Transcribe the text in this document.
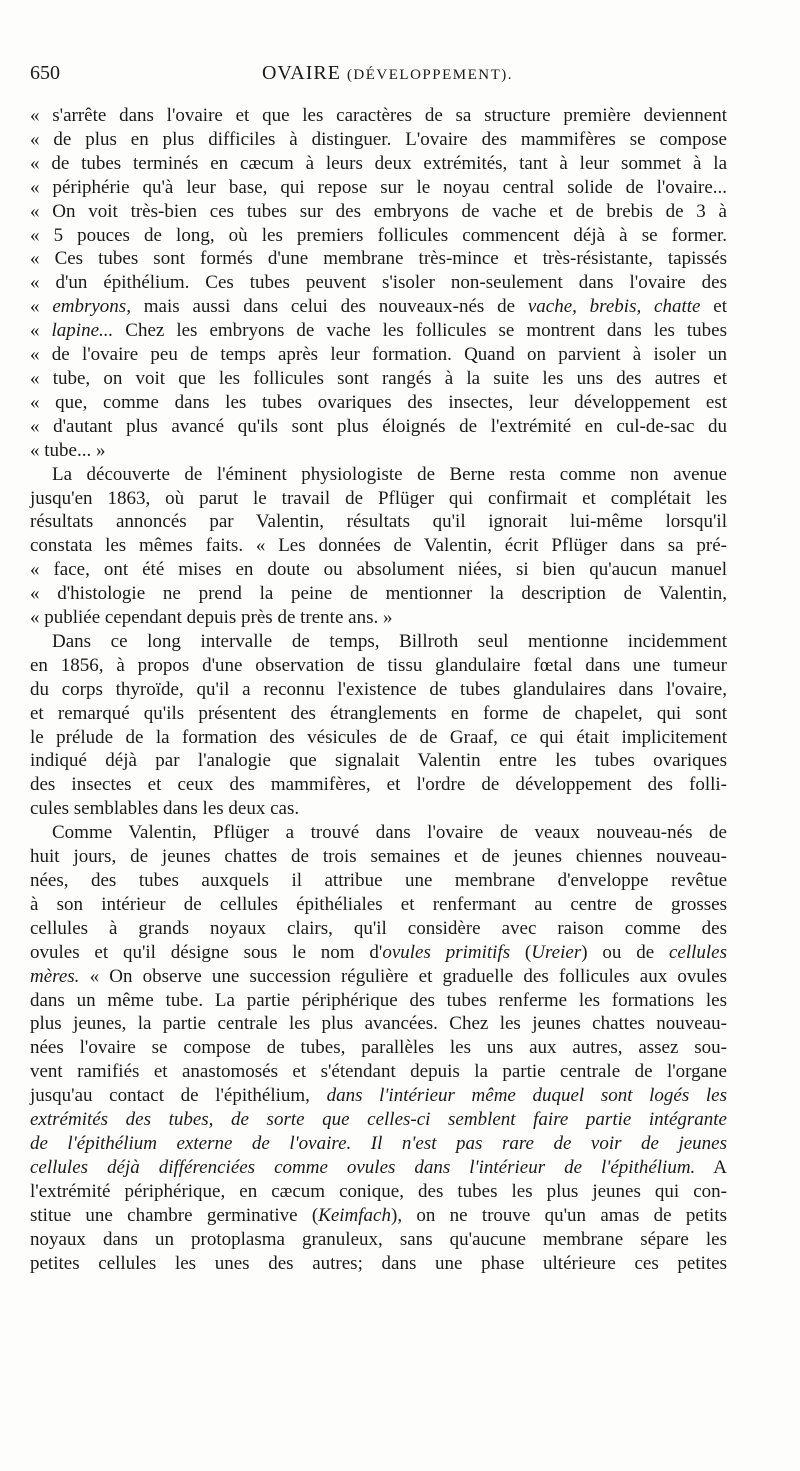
650	OVAIRE (DÉVELOPPEMENT).

« s'arrête dans l'ovaire et que les caractères de sa structure première deviennent
« de plus en plus difficiles à distinguer. L'ovaire des mammifères se compose
« de tubes terminés en cæcum à leurs deux extrémités, tant à leur sommet à la
« périphérie qu'à leur base, qui repose sur le noyau central solide de l'ovaire...
« On voit très-bien ces tubes sur des embryons de vache et de brebis de 3 à
« 5 pouces de long, où les premiers follicules commencent déjà à se former.
« Ces tubes sont formés d'une membrane très-mince et très-résistante, tapissés
« d'un épithélium. Ces tubes peuvent s'isoler non-seulement dans l'ovaire des
« embryons, mais aussi dans celui des nouveaux-nés de vache, brebis, chatte et
« lapine... Chez les embryons de vache les follicules se montrent dans les tubes
« de l'ovaire peu de temps après leur formation. Quand on parvient à isoler un
« tube, on voit que les follicules sont rangés à la suite les uns des autres et
« que, comme dans les tubes ovariques des insectes, leur développement est
« d'autant plus avancé qu'ils sont plus éloignés de l'extrémité en cul-de-sac du
« tube... »

La découverte de l'éminent physiologiste de Berne resta comme non avenue
jusqu'en 1863, où parut le travail de Pflüger qui confirmait et complétait les
résultats annoncés par Valentin, résultats qu'il ignorait lui-même lorsqu'il
constata les mêmes faits. « Les données de Valentin, écrit Pflüger dans sa pré-
« face, ont été mises en doute ou absolument niées, si bien qu'aucun manuel
« d'histologie ne prend la peine de mentionner la description de Valentin,
« publiée cependant depuis près de trente ans. »

Dans ce long intervalle de temps, Billroth seul mentionne incidemment
en 1856, à propos d'une observation de tissu glandulaire fœtal dans une tumeur
du corps thyroïde, qu'il a reconnu l'existence de tubes glandulaires dans l'ovaire,
et remarqué qu'ils présentent des étranglements en forme de chapelet, qui sont
le prélude de la formation des vésicules de de Graaf, ce qui était implicitement
indiqué déjà par l'analogie que signalait Valentin entre les tubes ovariques
des insectes et ceux des mammifères, et l'ordre de développement des folli-
cules semblables dans les deux cas.

Comme Valentin, Pflüger a trouvé dans l'ovaire de veaux nouveau-nés de
huit jours, de jeunes chattes de trois semaines et de jeunes chiennes nouveau-
nées, des tubes auxquels il attribue une membrane d'enveloppe revêtue
à son intérieur de cellules épithéliales et renfermant au centre de grosses
cellules à grands noyaux clairs, qu'il considère avec raison comme des
ovules et qu'il désigne sous le nom d'ovules primitifs (Ureier) ou de cellules
mères. « On observe une succession régulière et graduelle des follicules aux ovules
dans un même tube. La partie périphérique des tubes renferme les formations les
plus jeunes, la partie centrale les plus avancées. Chez les jeunes chattes nouveau-
nées l'ovaire se compose de tubes, parallèles les uns aux autres, assez sou-
vent ramifiés et anastomosés et s'étendant depuis la partie centrale de l'organe
jusqu'au contact de l'épithélium, dans l'intérieur même duquel sont logés les
extrémités des tubes, de sorte que celles-ci semblent faire partie intégrante
de l'épithélium externe de l'ovaire. Il n'est pas rare de voir de jeunes
cellules déjà différenciées comme ovules dans l'intérieur de l'épithélium. A
l'extrémité périphérique, en cæcum conique, des tubes les plus jeunes qui con-
stitue une chambre germinative (Keimfach), on ne trouve qu'un amas de petits
noyaux dans un protoplasma granuleux, sans qu'aucune membrane sépare les
petites cellules les unes des autres; dans une phase ultérieure ces petites
